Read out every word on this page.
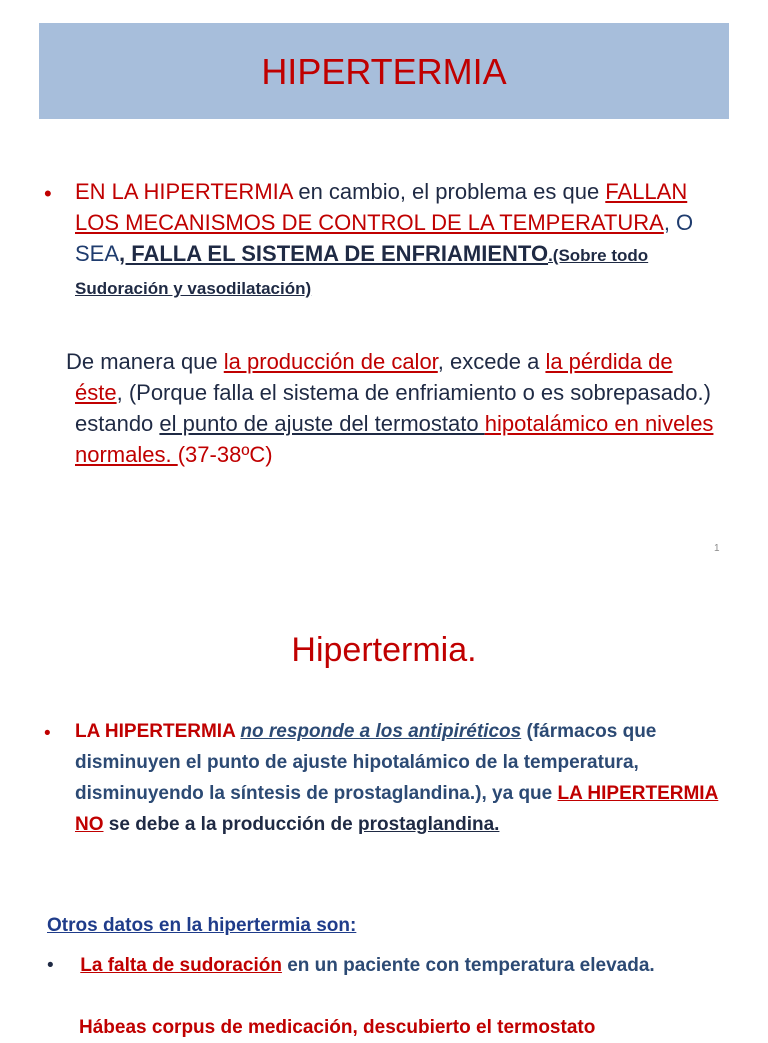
HIPERTERMIA
• EN LA HIPERTERMIA en cambio, el problema es que FALLAN LOS MECANISMOS DE CONTROL DE LA TEMPERATURA, O SEA, FALLA EL SISTEMA DE ENFRIAMIENTO.(Sobre todo Sudoración y vasodilatación)
De manera que la producción de calor, excede a la pérdida de éste, (Porque falla el sistema de enfriamiento o es sobrepasado.) estando el punto de ajuste del termostato hipotalámico en niveles normales. (37-38ºC)
1
Hipertermia.
• LA HIPERTERMIA no responde a los antipiréticos (fármacos que disminuyen el punto de ajuste hipotalámico de la temperatura, disminuyendo la síntesis de prostaglandina.), ya que LA HIPERTERMIA NO se debe a la producción de prostaglandina.
Otros datos en la hipertermia son:
• La falta de sudoración en un paciente con temperatura elevada.
Hábeas corpus de medicación, descubierto el termostato
